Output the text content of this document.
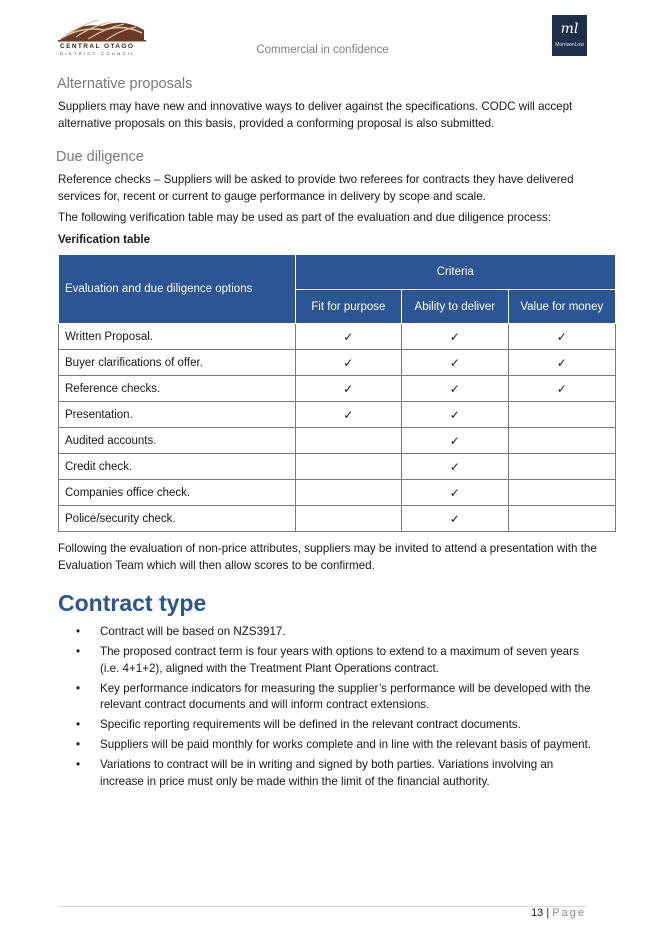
CENTRAL OTAGO
DISTRICT COUNCIL	Commercial in confidence
ml
MorrisonLow
Alternative proposals
Suppliers may have new and innovative ways to deliver against the specifications. CODC will accept alternative proposals on this basis, provided a conforming proposal is also submitted.
Due diligence
Reference checks – Suppliers will be asked to provide two referees for contracts they have delivered services for, recent or current to gauge performance in delivery by scope and scale.
The following verification table may be used as part of the evaluation and due diligence process:
Verification table
Evaluation and due diligence options	Criteria		
	Fit for purpose	Ability to deliver	Value for money
Written Proposal.	✓	✓	✓
Buyer clarifications of offer.	✓	✓	✓
Reference checks.	✓	✓	✓
Presentation.	✓	✓	
Audited accounts.		✓	
Credit check.		✓	
Companies office check.		✓	
Police/security check.		✓	
Following the evaluation of non-price attributes, suppliers may be invited to attend a presentation with the Evaluation Team which will then allow scores to be confirmed.
Contract type
• Contract will be based on NZS3917.
• The proposed contract term is four years with options to extend to a maximum of seven years (i.e. 4+1+2), aligned with the Treatment Plant Operations contract.
• Key performance indicators for measuring the supplier’s performance will be developed with the relevant contract documents and will inform contract extensions.
• Specific reporting requirements will be defined in the relevant contract documents.
• Suppliers will be paid monthly for works complete and in line with the relevant basis of payment.
• Variations to contract will be in writing and signed by both parties. Variations involving an increase in price must only be made within the limit of the financial authority.
13 | Page
